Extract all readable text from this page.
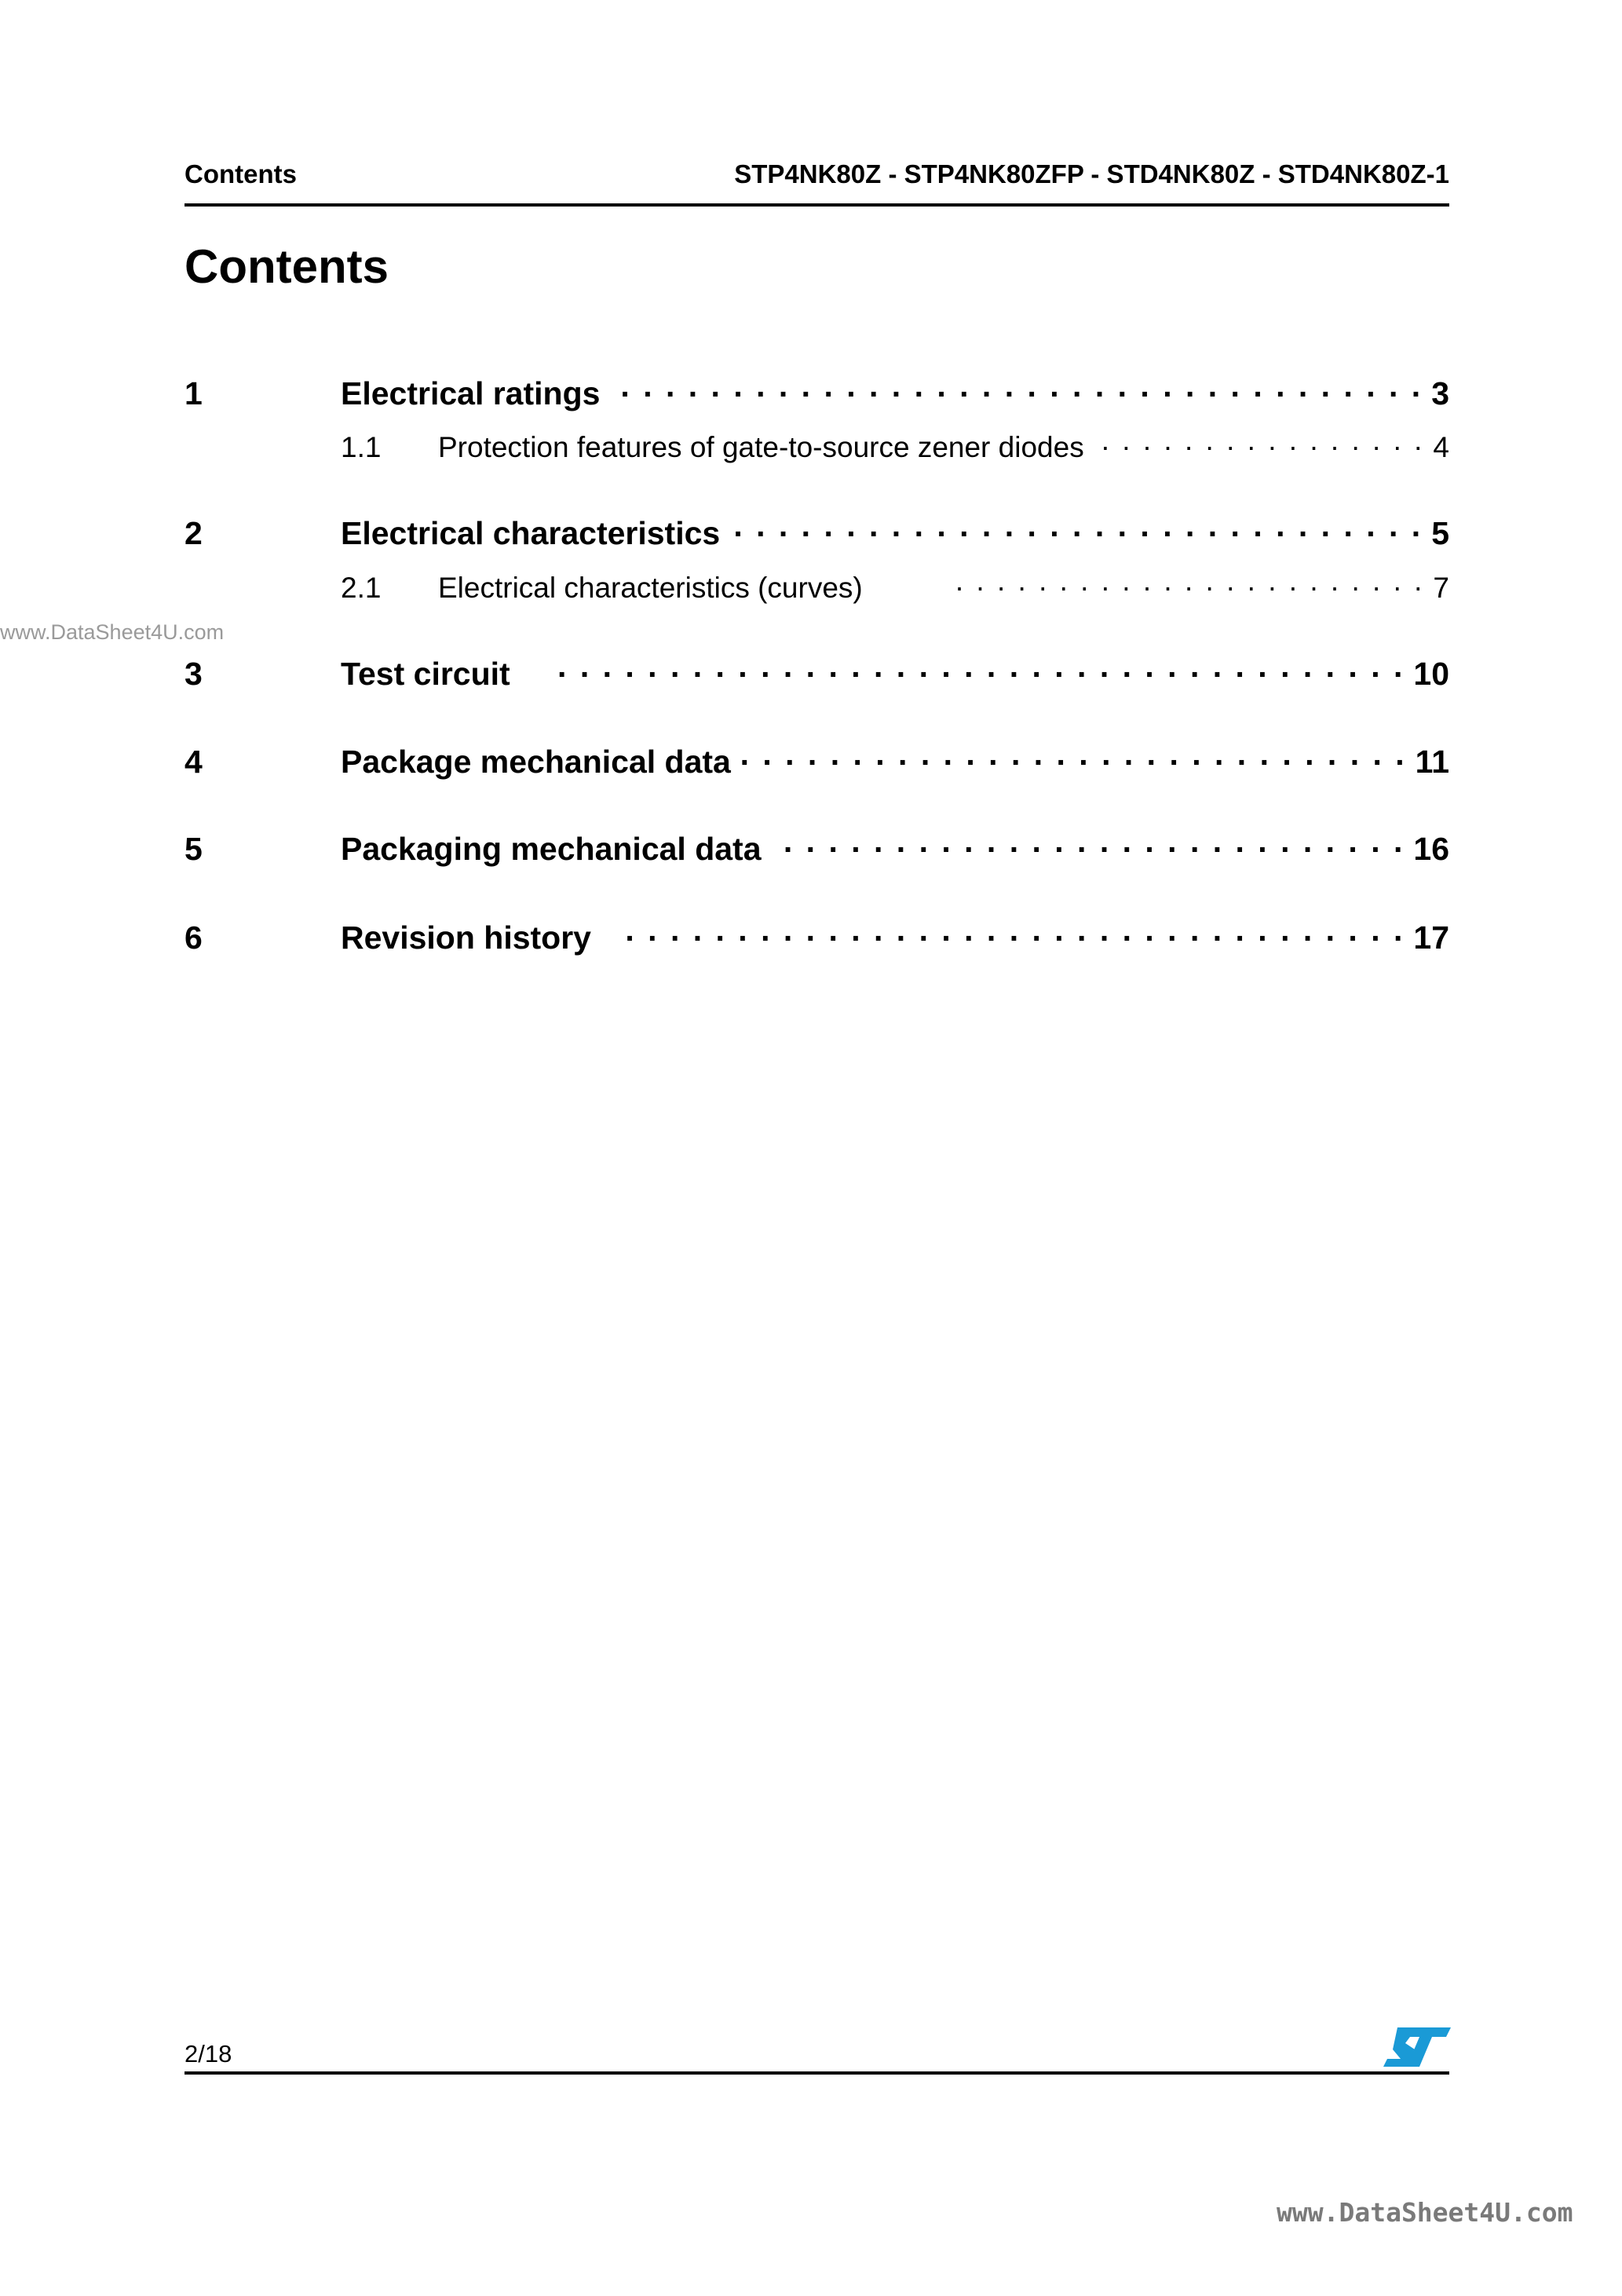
Contents	STP4NK80Z - STP4NK80ZFP - STD4NK80Z - STD4NK80Z-1
Contents
1	Electrical ratings . . .	3
1.1	Protection features of gate-to-source zener diodes . . .	4
2	Electrical characteristics . . .	5
2.1	Electrical characteristics (curves) . . .	7
3	Test circuit . . .	10
4	Package mechanical data . . .	11
5	Packaging mechanical data . . .	16
6	Revision history . . .	17
www.DataSheet4U.com
2/18
www.DataSheet4U.com
